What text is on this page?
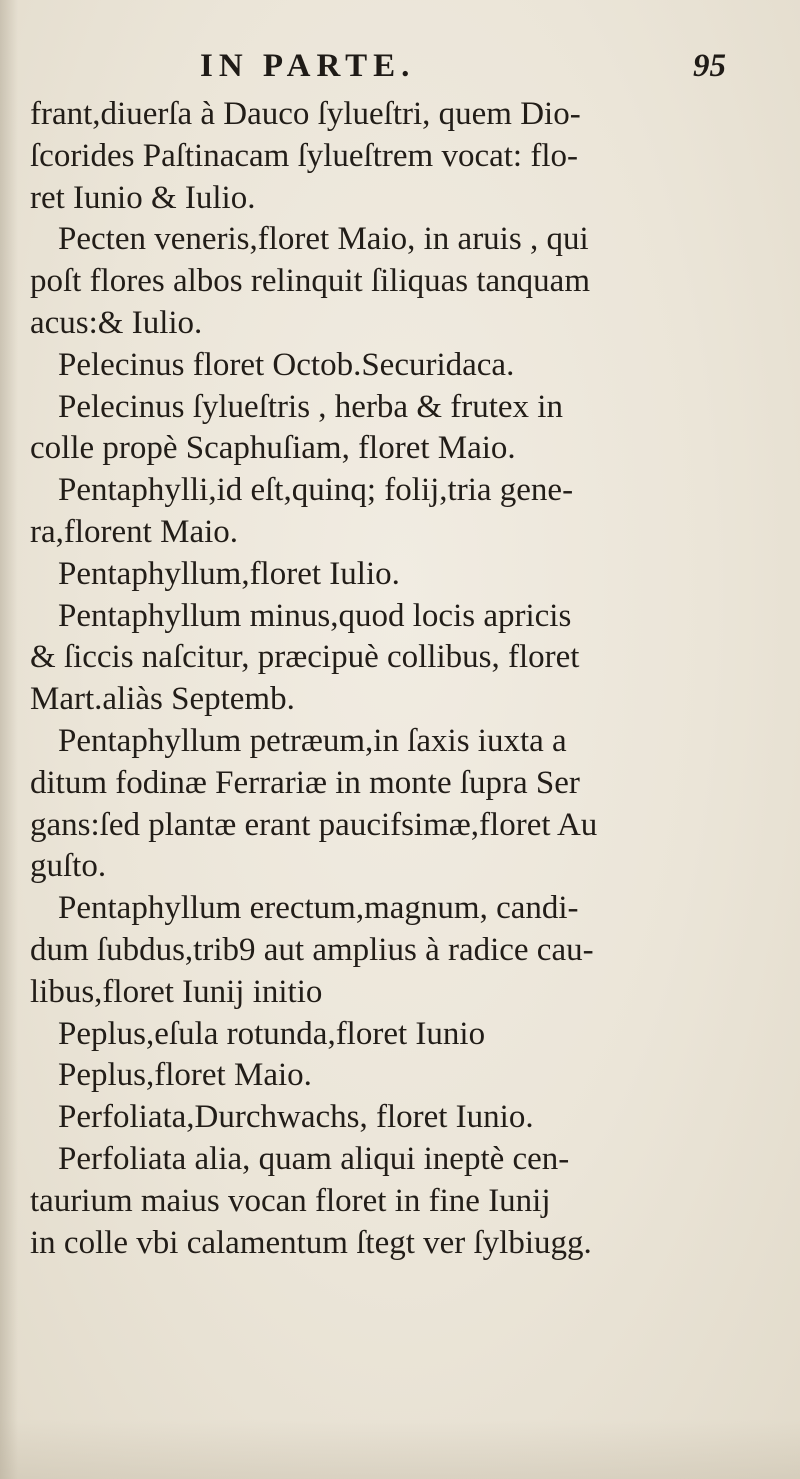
IN PARTE.	95
frant,diuerſa à Dauco ſylueſtri, quem Dio-
ſcorides Paſtinacam ſylueſtrem vocat: flo-
ret Iunio & Iulio.
Pecten veneris,floret Maio, in aruis , qui
poſt flores albos relinquit ſiliquas tanquam
acus:& Iulio.
Pelecinus floret Octob.Securidaca.
Pelecinus ſylueſtris , herba & frutex in
colle propè Scaphuſiam, floret Maio.
Pentaphylli,id eſt,quinq; folij,tria gene-
ra,florent Maio.
Pentaphyllum,floret Iulio.
Pentaphyllum minus,quod locis apricis
& ſiccis naſcitur, præcipuè collibus, floret
Mart.aliàs Septemb.
Pentaphyllum petræum,in ſaxis iuxta a
ditum fodinæ Ferrariæ in monte ſupra Ser
gans:ſed plantæ erant paucifsimæ,floret Au
guſto.
Pentaphyllum erectum,magnum, candi-
dum ſubdus,trib9 aut amplius à radice cau-
libus,floret Iunij initio
Peplus,eſula rotunda,floret Iunio
Peplus,floret Maio.
Perfoliata,Durchwachs, floret Iunio.
Perfoliata alia, quam aliqui ineptè cen-
taurium maius vocan floret in fine Iunij
in colle vbi calamentum ſtegt ver ſylbiugg.
